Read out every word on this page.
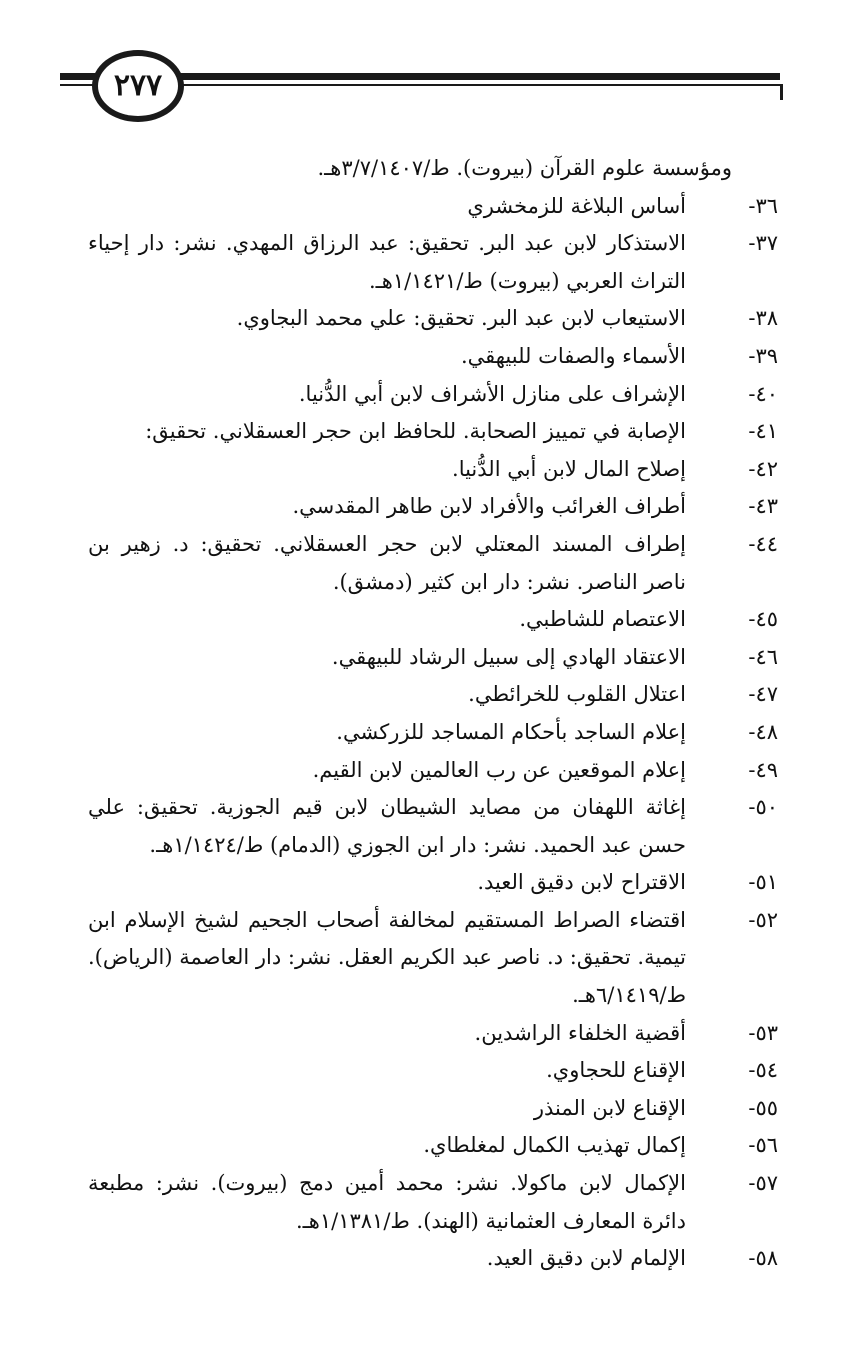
٢٧٧
ومؤسسة علوم القرآن (بيروت). ط/٣/٧/١٤٠٧هـ.
٣٦-
أساس البلاغة للزمخشري
٣٧-
الاستذكار لابن عبد البر. تحقيق: عبد الرزاق المهدي. نشر: دار إحياء التراث العربي (بيروت) ط/١/١٤٢١هـ.
٣٨-
الاستيعاب لابن عبد البر. تحقيق: علي محمد البجاوي.
٣٩-
الأسماء والصفات للبيهقي.
٤٠-
الإشراف على منازل الأشراف لابن أبي الدُّنيا.
٤١-
الإصابة في تمييز الصحابة. للحافظ ابن حجر العسقلاني. تحقيق:
٤٢-
إصلاح المال لابن أبي الدُّنيا.
٤٣-
أطراف الغرائب والأفراد لابن طاهر المقدسي.
٤٤-
إطراف المسند المعتلي لابن حجر العسقلاني. تحقيق: د. زهير بن ناصر الناصر. نشر: دار ابن كثير (دمشق).
٤٥-
الاعتصام للشاطبي.
٤٦-
الاعتقاد الهادي إلى سبيل الرشاد للبيهقي.
٤٧-
اعتلال القلوب للخرائطي.
٤٨-
إعلام الساجد بأحكام المساجد للزركشي.
٤٩-
إعلام الموقعين عن رب العالمين لابن القيم.
٥٠-
إغاثة اللهفان من مصايد الشيطان لابن قيم الجوزية. تحقيق: علي حسن عبد الحميد. نشر: دار ابن الجوزي (الدمام) ط/١/١٤٢٤هـ.
٥١-
الاقتراح لابن دقيق العيد.
٥٢-
اقتضاء الصراط المستقيم لمخالفة أصحاب الجحيم لشيخ الإسلام ابن تيمية. تحقيق: د. ناصر عبد الكريم العقل. نشر: دار العاصمة (الرياض). ط/٦/١٤١٩هـ.
٥٣-
أقضية الخلفاء الراشدين.
٥٤-
الإقناع للحجاوي.
٥٥-
الإقناع لابن المنذر
٥٦-
إكمال تهذيب الكمال لمغلطاي.
٥٧-
الإكمال لابن ماكولا. نشر: محمد أمين دمج (بيروت). نشر: مطبعة دائرة المعارف العثمانية (الهند). ط/١/١٣٨١هـ.
٥٨-
الإلمام لابن دقيق العيد.
